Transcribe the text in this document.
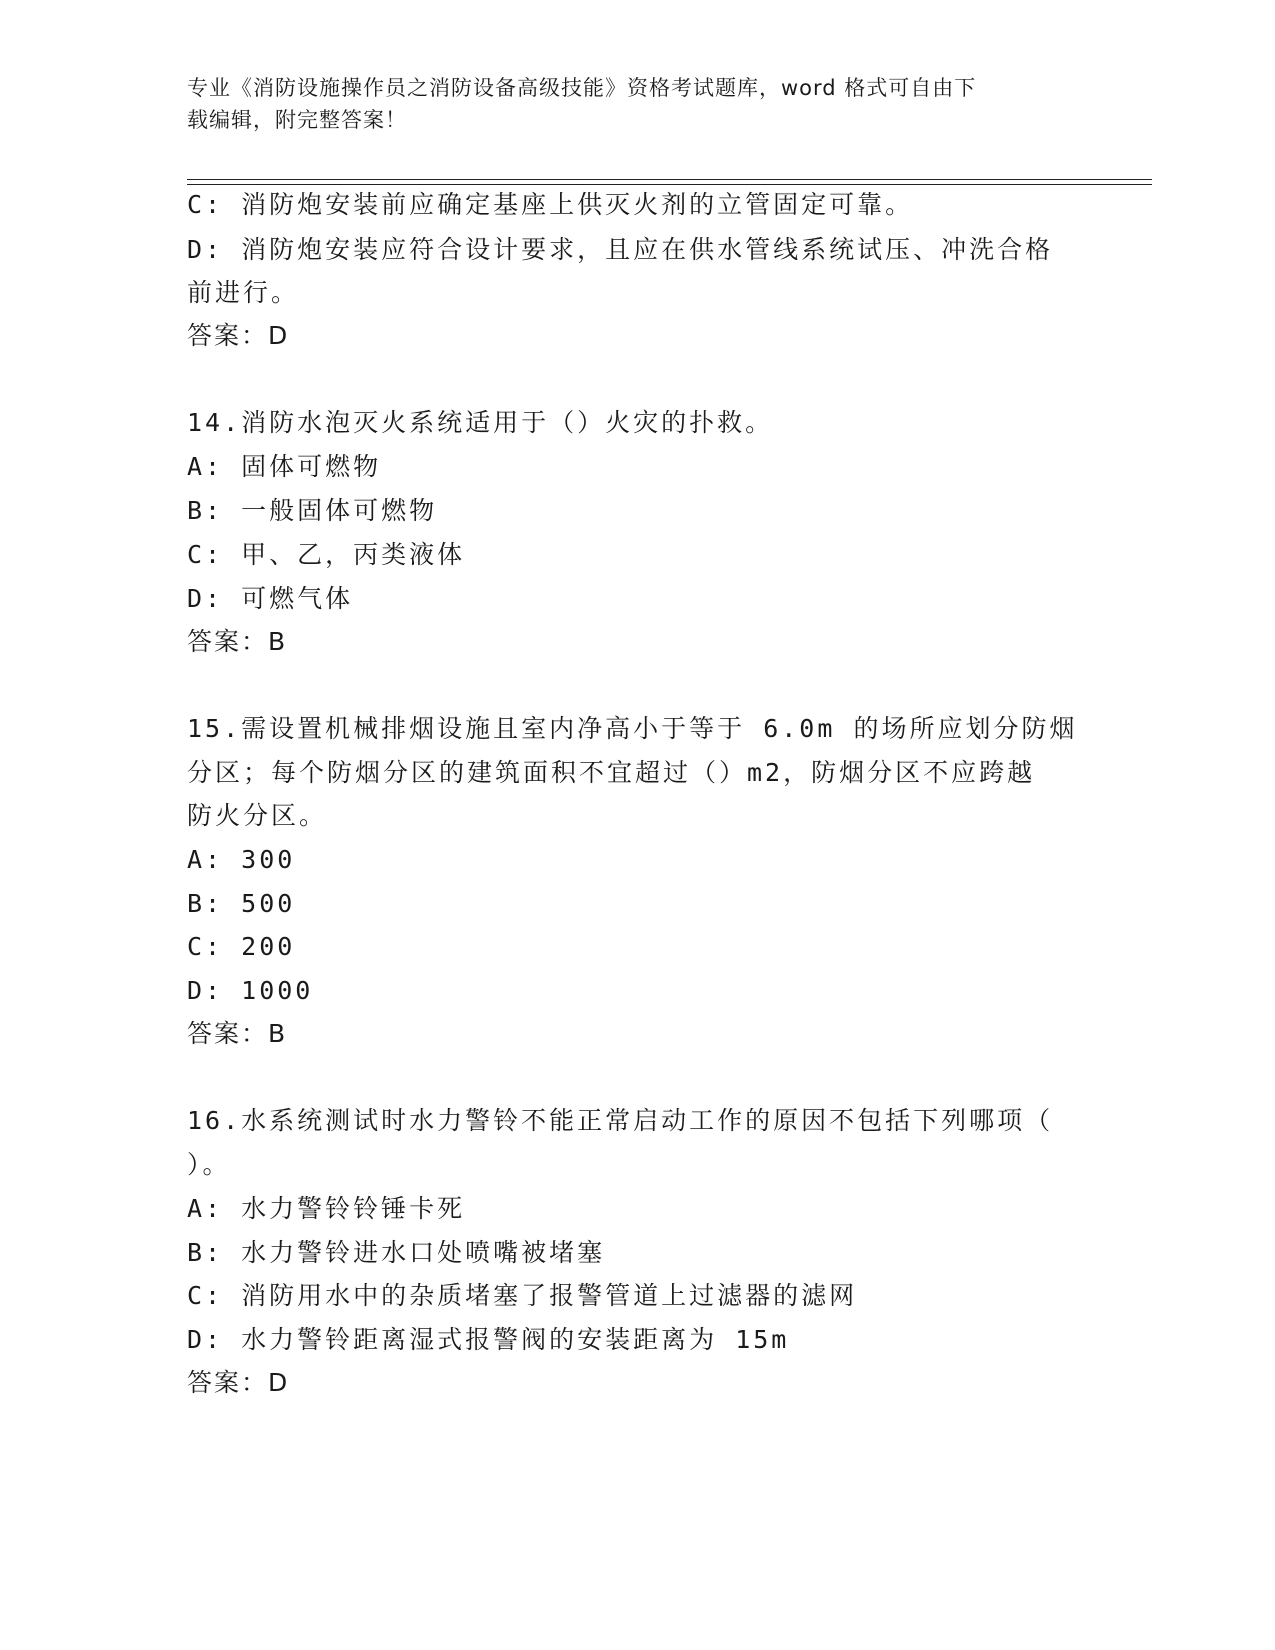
专业《消防设施操作员之消防设备高级技能》资格考试题库，word 格式可自由下
载编辑，附完整答案！
C: 消防炮安装前应确定基座上供灭火剂的立管固定可靠。
D: 消防炮安装应符合设计要求，且应在供水管线系统试压、冲洗合格
前进行。
答案：D
14.消防水泡灭火系统适用于（）火灾的扑救。
A: 固体可燃物
B: 一般固体可燃物
C: 甲、乙，丙类液体
D: 可燃气体
答案：B
15.需设置机械排烟设施且室内净高小于等于 6.0m 的场所应划分防烟
分区；每个防烟分区的建筑面积不宜超过（）m2，防烟分区不应跨越
防火分区。
A: 300
B: 500
C: 200
D: 1000
答案：B
16.水系统测试时水力警铃不能正常启动工作的原因不包括下列哪项（
）。
A: 水力警铃铃锤卡死
B: 水力警铃进水口处喷嘴被堵塞
C: 消防用水中的杂质堵塞了报警管道上过滤器的滤网
D: 水力警铃距离湿式报警阀的安装距离为 15m
答案：D
